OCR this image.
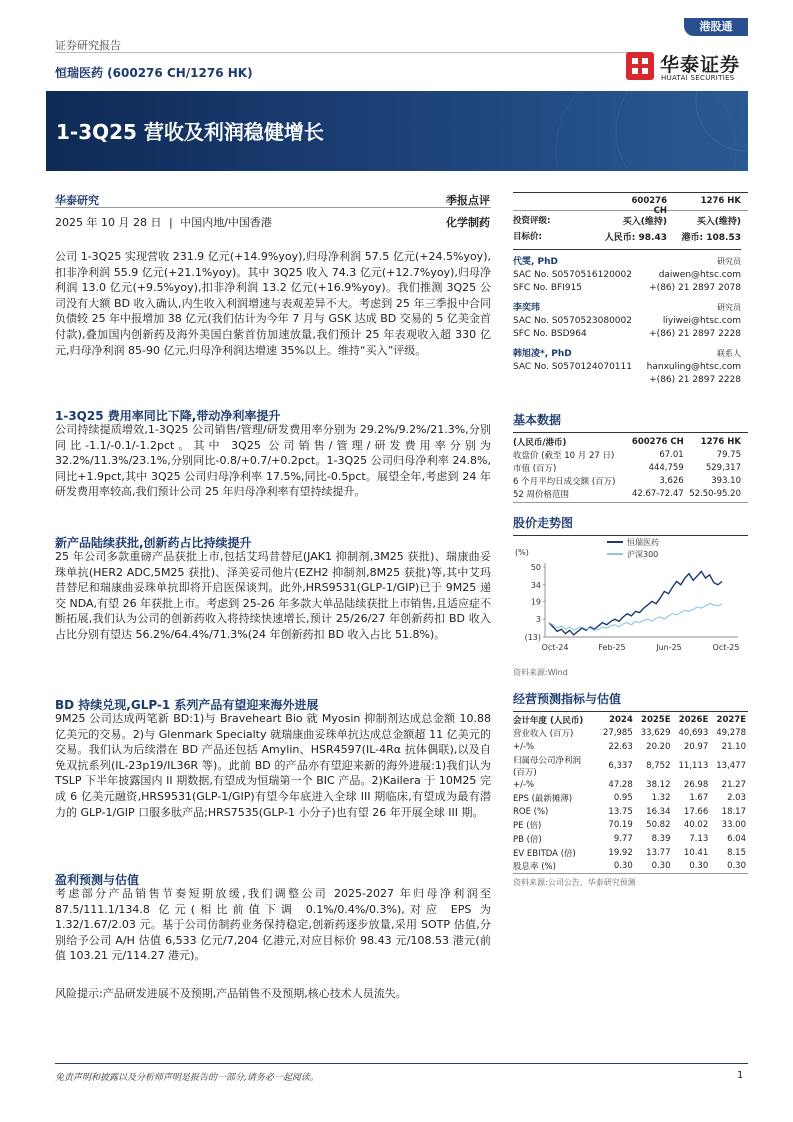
证券研究报告
港股通
恒瑞医药 (600276 CH/1276 HK)	华泰证券
HUATAI SECURITIES
1-3Q25 营收及利润稳健增长
华泰研究	季报点评
2025 年 10 月 28 日 | 中国内地/中国香港	化学制药

公司 1-3Q25 实现营收 231.9 亿元(+14.9%yoy),归母净利润 57.5 亿元(+24.5%yoy),扣非净利润 55.9 亿元(+21.1%yoy)。其中 3Q25 收入 74.3 亿元(+12.7%yoy),归母净利润 13.0 亿元(+9.5%yoy),扣非净利润 13.2 亿元(+16.9%yoy)。我们推测 3Q25 公司没有大额 BD 收入确认,内生收入利润增速与表观差异不大。考虑到 25 年三季报中合同负债较 25 年中报增加 38 亿元(我们估计为今年 7 月与 GSK 达成 BD 交易的 5 亿美金首付款),叠加国内创新药及海外美国白紫首仿加速放量,我们预计 25 年表观收入超 330 亿元,归母净利润 85-90 亿元,归母净利润达增速 35%以上。维持“买入”评级。

1-3Q25 费用率同比下降,带动净利率提升
公司持续提质增效,1-3Q25 公司销售/管理/研发费用率分别为 29.2%/9.2%/21.3%,分别同比-1.1/-0.1/-1.2pct。其中 3Q25 公司销售/管理/研发费用率分别为 32.2%/11.3%/23.1%,分别同比-0.8/+0.7/+0.2pct。1-3Q25 公司归母净利率 24.8%,同比+1.9pct,其中 3Q25 公司归母净利率 17.5%,同比-0.5pct。展望全年,考虑到 24 年研发费用率较高,我们预计公司 25 年归母净利率有望持续提升。
新产品陆续获批,创新药占比持续提升
25 年公司多款重磅产品获批上市,包括艾玛昔替尼(JAK1 抑制剂,3M25 获批)、瑞康曲妥珠单抗(HER2 ADC,5M25 获批)、泽美妥司他片(EZH2 抑制剂,8M25 获批)等,其中艾玛昔替尼和瑞康曲妥珠单抗即将开启医保谈判。此外,HRS9531(GLP-1/GIP)已于 9M25 递交 NDA,有望 26 年获批上市。考虑到 25-26 年多款大单品陆续获批上市销售,且适应症不断拓展,我们认为公司的创新药收入将持续快速增长,预计 25/26/27 年创新药扣 BD 收入占比分别有望达 56.2%/64.4%/71.3%(24 年创新药扣 BD 收入占比 51.8%)。
BD 持续兑现,GLP-1 系列产品有望迎来海外进展
9M25 公司达成两笔新 BD:1)与 Braveheart Bio 就 Myosin 抑制剂达成总金额 10.88 亿美元的交易。2)与 Glenmark Specialty 就瑞康曲妥珠单抗达成总金额超 11 亿美元的交易。我们认为后续潜在 BD 产品还包括 Amylin、HSR4597(IL-4Rα 抗体偶联),以及自免双抗系列(IL-23p19/IL36R 等)。此前 BD 的产品亦有望迎来新的海外进展:1)我们认为 TSLP 下半年披露国内 II 期数据,有望成为恒瑞第一个 BIC 产品。2)Kailera 于 10M25 完成 6 亿美元融资,HRS9531(GLP-1/GIP)有望今年底进入全球 III 期临床,有望成为最有潜力的 GLP-1/GIP 口服多肽产品;HRS7535(GLP-1 小分子)也有望 26 年开展全球 III 期。
盈利预测与估值
考虑部分产品销售节奏短期放缓,我们调整公司 2025-2027 年归母净利润至 87.5/111.1/134.8 亿元(相比前值下调 0.1%/0.4%/0.3%),对应 EPS 为 1.32/1.67/2.03 元。基于公司仿制药业务保持稳定,创新药逐步放量,采用 SOTP 估值,分别给予公司 A/H 估值 6,533 亿元/7,204 亿港元,对应目标价 98.43 元/108.53 港元(前值 103.21 元/114.27 港元)。
风险提示:产品研发进展不及预期,产品销售不及预期,核心技术人员流失。
600276 CH
1276 HK
投资评级:	买入(维持)	买入(维持)
目标价:	人民币: 98.43	港币: 108.53
代雯, PhD	研究员
SAC No. S0570516120002	daiwen@htsc.com
SFC No. BFI915	+(86) 21 2897 2078
李奕玮	研究员
SAC No. S0570523080002	liyiwei@htsc.com
SFC No. BSD964	+(86) 21 2897 2228
韩旭凌*, PhD	联系人
SAC No. S0570124070111 hanxuling@htsc.com
+(86) 21 2897 2228
基本数据
(人民币/港币)	600276 CH	1276 HK
收盘价 (截至 10 月 27 日)	67.01	79.75
市值 (百万)	444,759	529,317
6 个月平均日成交额 (百万)	3,626	393.10
52 周价格范围	42.67-72.47	52.50-95.20
股价走势图
恒瑞医药
沪深300
(%)
50
34
19
3
(13)
Oct-24	Feb-25	Jun-25	Oct-25
资料来源:Wind
经营预测指标与估值
会计年度 (人民币)	2024	2025E	2026E	2027E
营业收入 (百万)	27,985	33,629	40,693	49,278
+/-%	22.63	20.20	20.97	21.10
归属母公司净利润 (百万)	6,337	8,752	11,113	13,477
+/-%	47.28	38.12	26.98	21.27
EPS (最新摊薄)	0.95	1.32	1.67	2.03
ROE (%)	13.75	16.34	17.66	18.17
PE (倍)	70.19	50.82	40.02	33.00
PB (倍)	9.77	8.39	7.13	6.04
EV EBITDA (倍)	19.92	13.77	10.41	8.15
股息率 (%)	0.30	0.30	0.30	0.30
资料来源:公司公告、华泰研究预测
免责声明和披露以及分析师声明是报告的一部分,请务必一起阅读。	1
